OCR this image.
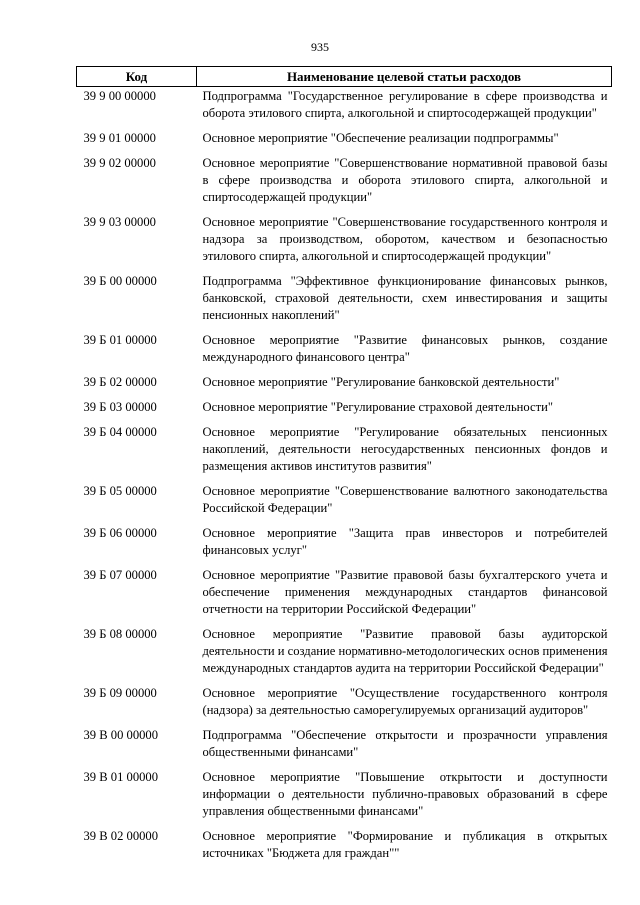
935
Код	Наименование целевой статьи расходов
39 9 00 00000	Подпрограмма "Государственное регулирование в сфере производства и оборота этилового спирта, алкогольной и спиртосодержащей продукции"
39 9 01 00000	Основное мероприятие "Обеспечение реализации подпрограммы"
39 9 02 00000	Основное мероприятие "Совершенствование нормативной правовой базы в сфере производства и оборота этилового спирта, алкогольной и спиртосодержащей продукции"
39 9 03 00000	Основное мероприятие "Совершенствование государственного контроля и надзора за производством, оборотом, качеством и безопасностью этилового спирта, алкогольной и спиртосодержащей продукции"
39 Б 00 00000	Подпрограмма "Эффективное функционирование финансовых рынков, банковской, страховой деятельности, схем инвестирования и защиты пенсионных накоплений"
39 Б 01 00000	Основное мероприятие "Развитие финансовых рынков, создание международного финансового центра"
39 Б 02 00000	Основное мероприятие "Регулирование банковской деятельности"
39 Б 03 00000	Основное мероприятие "Регулирование страховой деятельности"
39 Б 04 00000	Основное мероприятие "Регулирование обязательных пенсионных накоплений, деятельности негосударственных пенсионных фондов и размещения активов институтов развития"
39 Б 05 00000	Основное мероприятие "Совершенствование валютного законодательства Российской Федерации"
39 Б 06 00000	Основное мероприятие "Защита прав инвесторов и потребителей финансовых услуг"
39 Б 07 00000	Основное мероприятие "Развитие правовой базы бухгалтерского учета и обеспечение применения международных стандартов финансовой отчетности на территории Российской Федерации"
39 Б 08 00000	Основное мероприятие "Развитие правовой базы аудиторской деятельности и создание нормативно-методологических основ применения международных стандартов аудита на территории Российской Федерации"
39 Б 09 00000	Основное мероприятие "Осуществление государственного контроля (надзора) за деятельностью саморегулируемых организаций аудиторов"
39 В 00 00000	Подпрограмма "Обеспечение открытости и прозрачности управления общественными финансами"
39 В 01 00000	Основное мероприятие "Повышение открытости и доступности информации о деятельности публично-правовых образований в сфере управления общественными финансами"
39 В 02 00000	Основное мероприятие "Формирование и публикация в открытых источниках "Бюджета для граждан""
